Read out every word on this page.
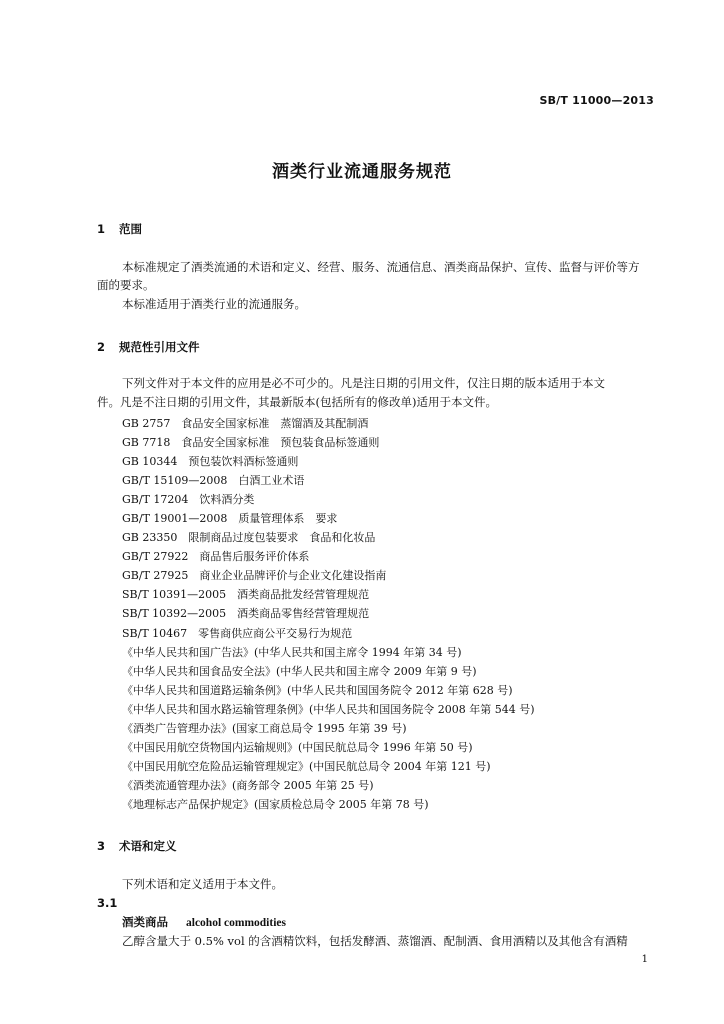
SB/T 11000—2013
酒类行业流通服务规范
1 范围
本标准规定了酒类流通的术语和定义、经营、服务、流通信息、酒类商品保护、宣传、监督与评价等方
面的要求。
本标准适用于酒类行业的流通服务。
2 规范性引用文件
下列文件对于本文件的应用是必不可少的。凡是注日期的引用文件，仅注日期的版本适用于本文
件。凡是不注日期的引用文件，其最新版本(包括所有的修改单)适用于本文件。
GB 2757　食品安全国家标准　蒸馏酒及其配制酒
GB 7718　食品安全国家标准　预包装食品标签通则
GB 10344　预包装饮料酒标签通则
GB/T 15109—2008　白酒工业术语
GB/T 17204　饮料酒分类
GB/T 19001—2008　质量管理体系　要求
GB 23350　限制商品过度包装要求　食品和化妆品
GB/T 27922　商品售后服务评价体系
GB/T 27925　商业企业品牌评价与企业文化建设指南
SB/T 10391—2005　酒类商品批发经营管理规范
SB/T 10392—2005　酒类商品零售经营管理规范
SB/T 10467　零售商供应商公平交易行为规范
《中华人民共和国广告法》(中华人民共和国主席令 1994 年第 34 号)
《中华人民共和国食品安全法》(中华人民共和国主席令 2009 年第 9 号)
《中华人民共和国道路运输条例》(中华人民共和国国务院令 2012 年第 628 号)
《中华人民共和国水路运输管理条例》(中华人民共和国国务院令 2008 年第 544 号)
《酒类广告管理办法》(国家工商总局令 1995 年第 39 号)
《中国民用航空货物国内运输规则》(中国民航总局令 1996 年第 50 号)
《中国民用航空危险品运输管理规定》(中国民航总局令 2004 年第 121 号)
《酒类流通管理办法》(商务部令 2005 年第 25 号)
《地理标志产品保护规定》(国家质检总局令 2005 年第 78 号)
3 术语和定义
下列术语和定义适用于本文件。
3.1
酒类商品 alcohol commodities
乙醇含量大于 0.5% vol 的含酒精饮料，包括发酵酒、蒸馏酒、配制酒、食用酒精以及其他含有酒精
1
